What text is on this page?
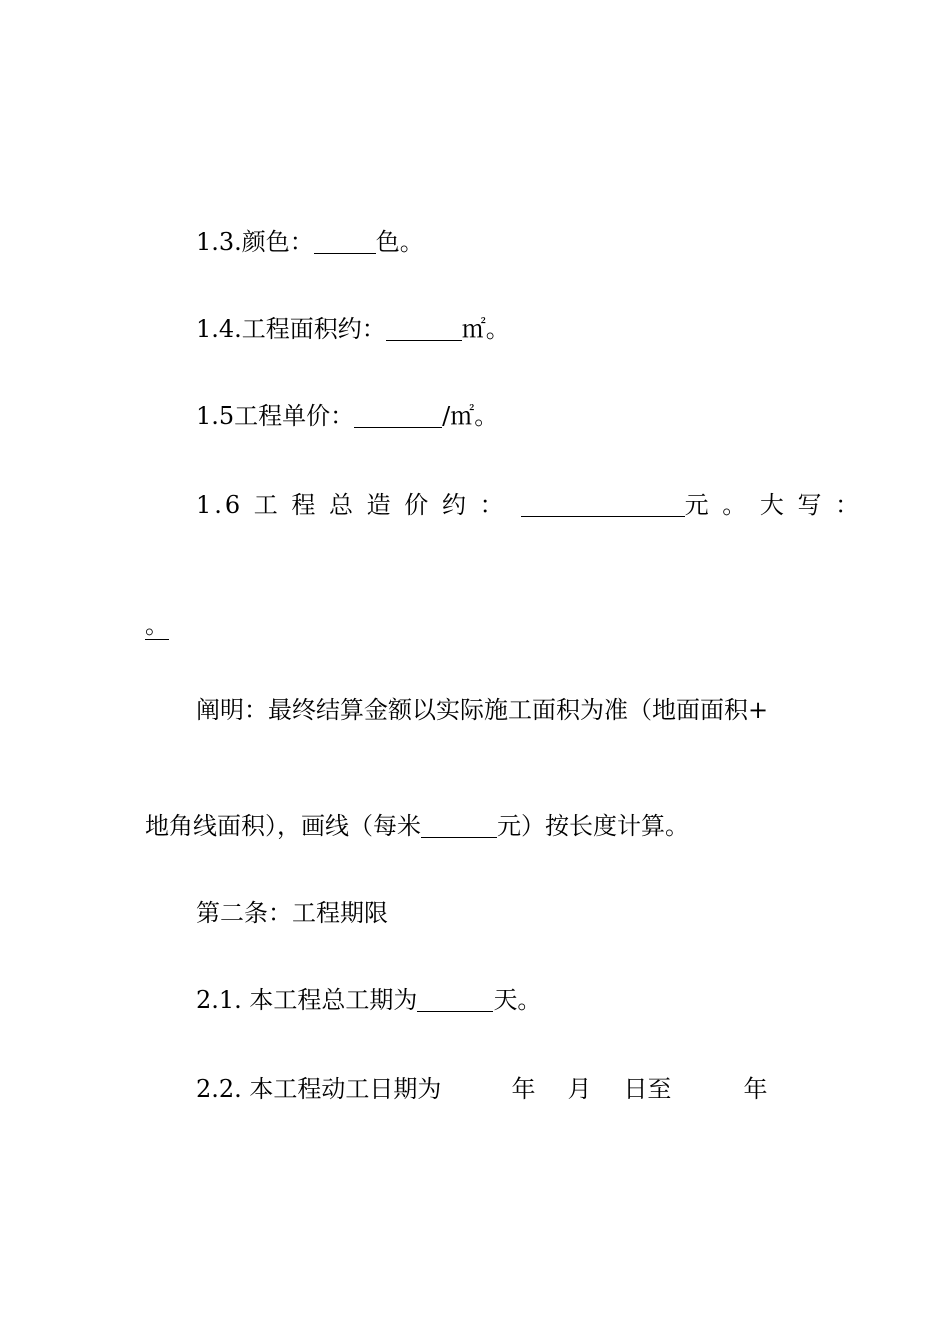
1.3.颜色：	色。
1.4.工程面积约：	㎡。
1.5工程单价：	/㎡。
1.6 工 程 总 造 价 约 ：	元 。 大 写 ：
。
阐明：最终结算金额以实际施工面积为准（地面面积+
地角线面积），画线（每米	元）按长度计算。
第二条：工程期限
2.1. 本工程总工期为	天。
2.2. 本工程动工日期为	年 月 日至	年
